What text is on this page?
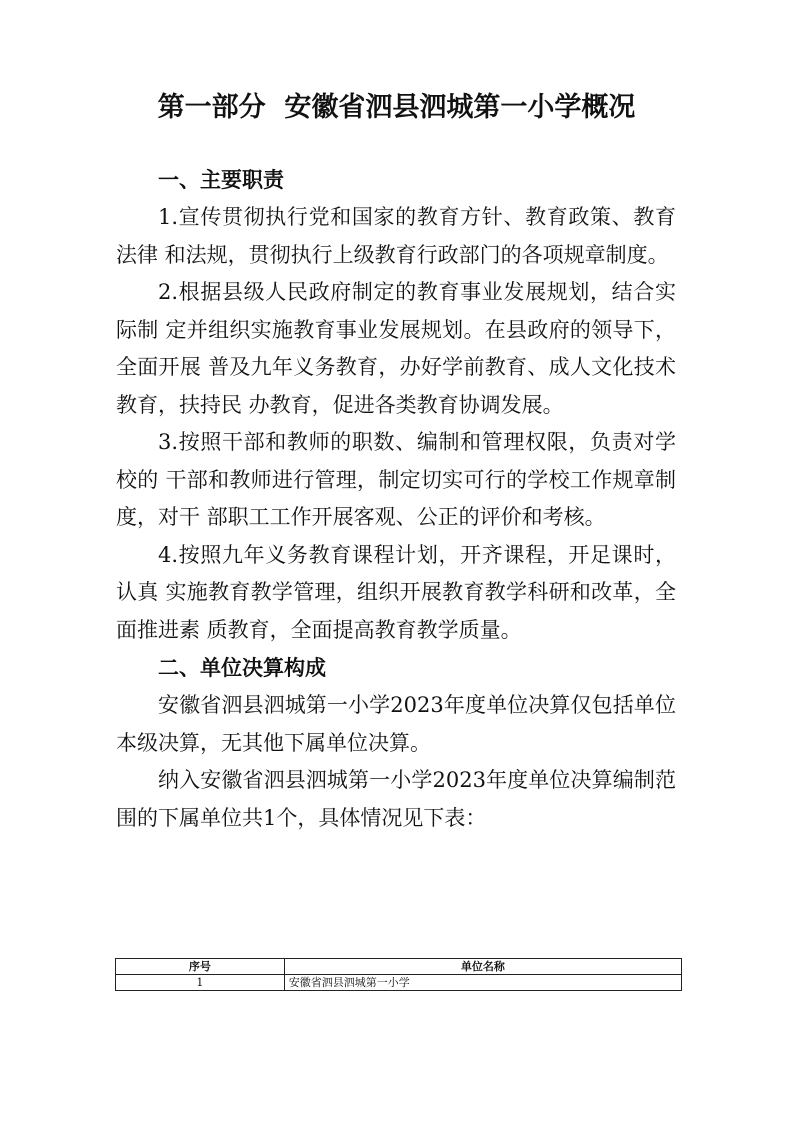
第一部分  安徽省泗县泗城第一小学概况
一、主要职责

1.宣传贯彻执行党和国家的教育方针、教育政策、教育法律 和法规，贯彻执行上级教育行政部门的各项规章制度。

2.根据县级人民政府制定的教育事业发展规划，结合实际制 定并组织实施教育事业发展规划。在县政府的领导下，全面开展 普及九年义务教育，办好学前教育、成人文化技术教育，扶持民 办教育，促进各类教育协调发展。

3.按照干部和教师的职数、编制和管理权限，负责对学校的 干部和教师进行管理，制定切实可行的学校工作规章制度，对干 部职工工作开展客观、公正的评价和考核。

4.按照九年义务教育课程计划，开齐课程，开足课时，认真 实施教育教学管理，组织开展教育教学科研和改革，全面推进素 质教育，全面提高教育教学质量。

二、单位决算构成

安徽省泗县泗城第一小学2023年度单位决算仅包括单位本级决算，无其他下属单位决算。

纳入安徽省泗县泗城第一小学2023年度单位决算编制范围的下属单位共1个，具体情况见下表：

序号	单位名称
1	安徽省泗县泗城第一小学
